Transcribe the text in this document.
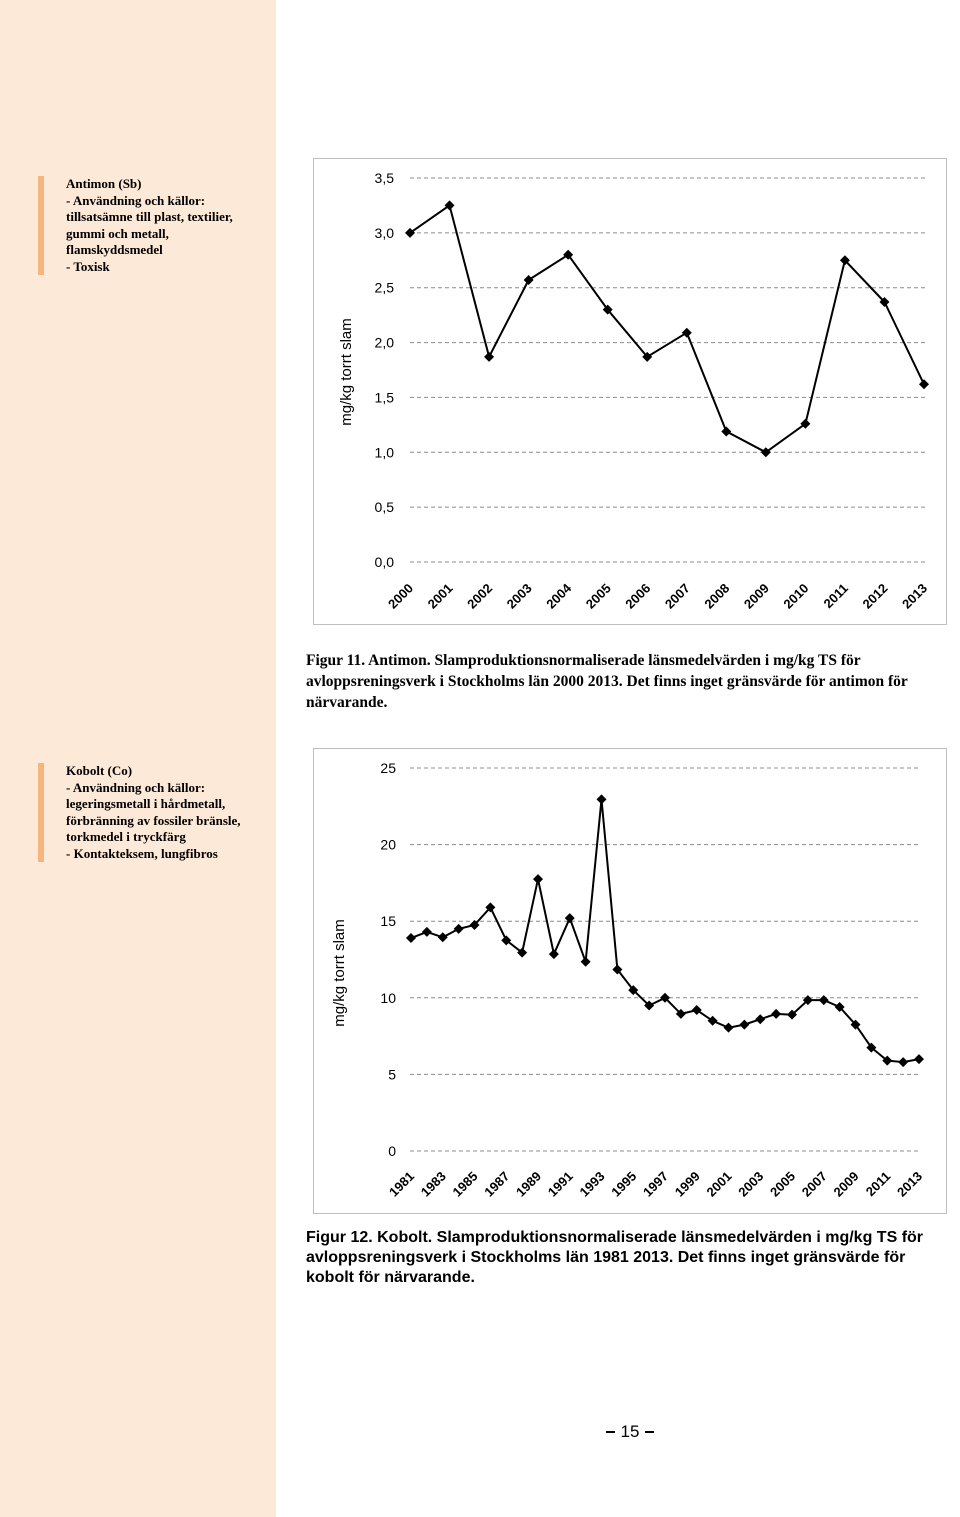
Antimon (Sb)
- Användning och källor:
tillsatsämne till plast, textilier,
gummi och metall,
flamskyddsmedel
- Toxisk
Kobolt (Co)
- Användning och källor:
legeringsmetall i hårdmetall,
förbränning av fossiler bränsle,
torkmedel i tryckfärg
- Kontakteksem, lungfibros
0,0
0,5
1,0
1,5
2,0
2,5
3,0
3,5
mg/kg torrt slam
2000 2001 2002 2003 2004 2005 2006 2007 2008 2009 2010 2011 2012 2013
0
5
10
15
20
25
mg/kg torrt slam
1981 1983 1985 1987 1989 1991 1993 1995 1997 1999 2001 2003 2005 2007 2009 2011 2013
Figur 11. Antimon. Slamproduktionsnormaliserade länsmedelvärden i mg/kg TS för avloppsreningsverk i Stockholms län 2000 2013. Det finns inget gränsvärde för antimon för närvarande.
Figur 12. Kobolt. Slamproduktionsnormaliserade länsmedelvärden i mg/kg TS för avloppsreningsverk i Stockholms län 1981 2013. Det finns inget gränsvärde för kobolt för närvarande.
15
